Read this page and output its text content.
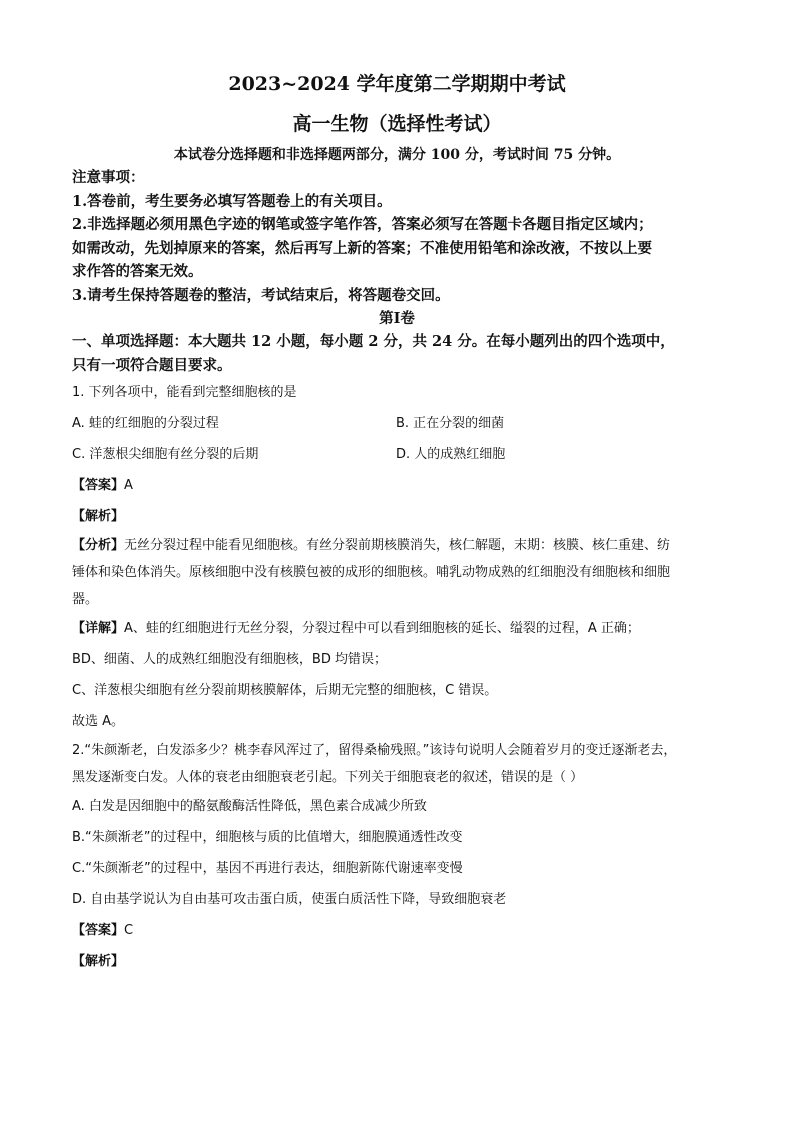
2023~2024 学年度第二学期期中考试
高一生物（选择性考试）
本试卷分选择题和非选择题两部分，满分 100 分，考试时间 75 分钟。
注意事项：
1.答卷前，考生要务必填写答题卷上的有关项目。
2.非选择题必须用黑色字迹的钢笔或签字笔作答，答案必须写在答题卡各题目指定区域内；
如需改动，先划掉原来的答案，然后再写上新的答案；不准使用铅笔和涂改液，不按以上要
求作答的答案无效。
3.请考生保持答题卷的整洁，考试结束后，将答题卷交回。
第Ⅰ卷
一、单项选择题：本大题共 12 小题，每小题 2 分，共 24 分。在每小题列出的四个选项中，
只有一项符合题目要求。
1. 下列各项中，能看到完整细胞核的是
A. 蛙的红细胞的分裂过程	B. 正在分裂的细菌
C. 洋葱根尖细胞有丝分裂的后期	D. 人的成熟红细胞
【答案】A
【解析】
【分析】无丝分裂过程中能看见细胞核。有丝分裂前期核膜消失，核仁解题，末期：核膜、核仁重建、纺
锤体和染色体消失。原核细胞中没有核膜包被的成形的细胞核。哺乳动物成熟的红细胞没有细胞核和细胞
器。
【详解】A、蛙的红细胞进行无丝分裂，分裂过程中可以看到细胞核的延长、缢裂的过程，A 正确；
BD、细菌、人的成熟红细胞没有细胞核，BD 均错误；
C、洋葱根尖细胞有丝分裂前期核膜解体，后期无完整的细胞核，C 错误。
故选 A。
2.“朱颜渐老，白发添多少？桃李春风浑过了，留得桑榆残照。”该诗句说明人会随着岁月的变迁逐渐老去，
黑发逐渐变白发。人体的衰老由细胞衰老引起。下列关于细胞衰老的叙述，错误的是（ ）
A. 白发是因细胞中的酪氨酸酶活性降低，黑色素合成减少所致
B.“朱颜渐老”的过程中，细胞核与质的比值增大，细胞膜通透性改变
C.“朱颜渐老”的过程中，基因不再进行表达，细胞新陈代谢速率变慢
D. 自由基学说认为自由基可攻击蛋白质，使蛋白质活性下降，导致细胞衰老
【答案】C
【解析】
